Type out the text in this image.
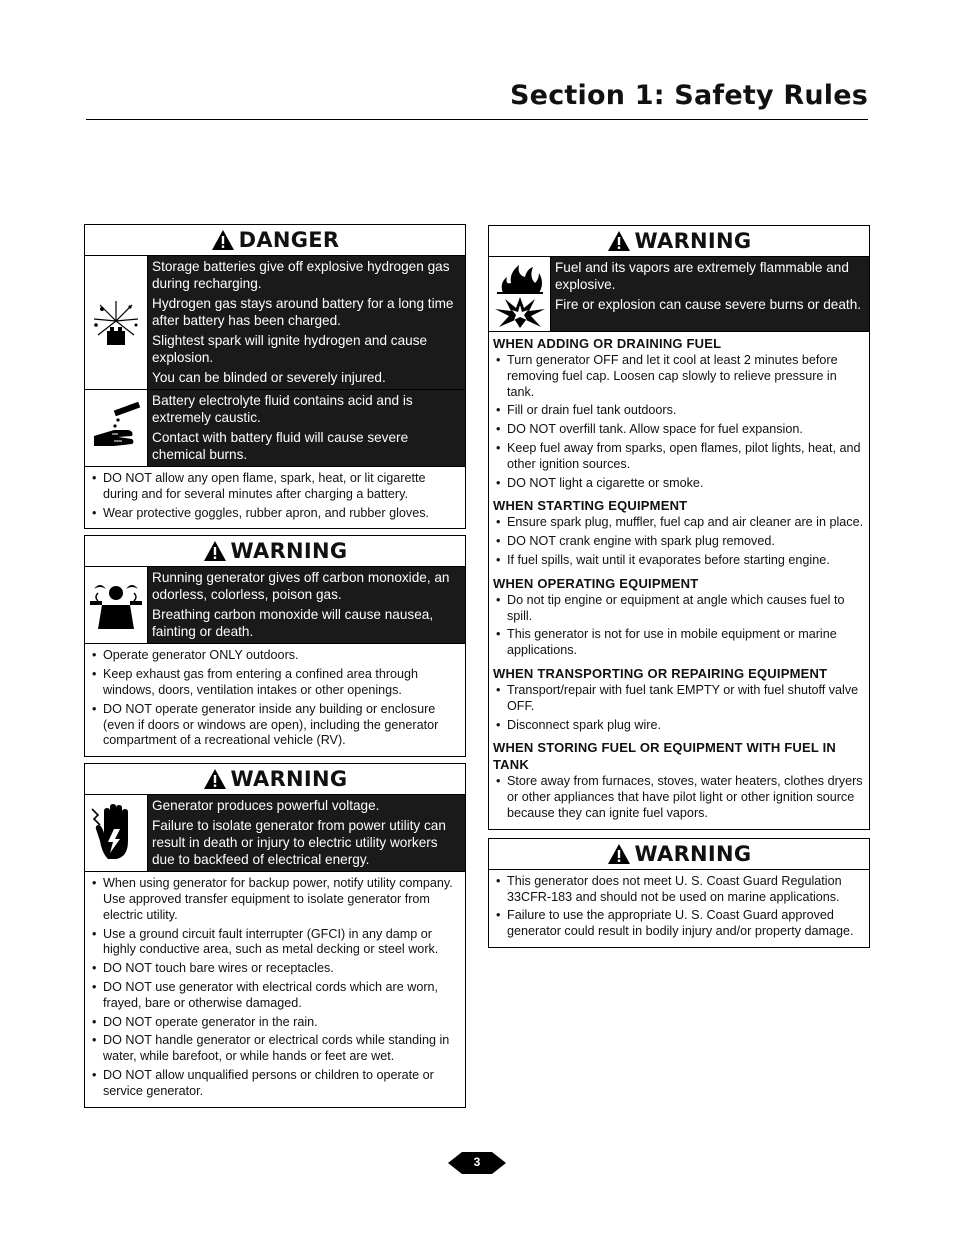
Section 1: Safety Rules
DANGER

Storage batteries give off explosive hydrogen gas during recharging.

Hydrogen gas stays around battery for a long time after battery has been charged.

Slightest spark will ignite hydrogen and cause explosion.

You can be blinded or severely injured.

Battery electrolyte fluid contains acid and is extremely caustic.

Contact with battery fluid will cause severe chemical burns.

• DO NOT allow any open flame, spark, heat, or lit cigarette during and for several minutes after charging a battery.
• Wear protective goggles, rubber apron, and rubber gloves.
WARNING

Running generator gives off carbon monoxide, an odorless, colorless, poison gas.

Breathing carbon monoxide will cause nausea, fainting or death.

• Operate generator ONLY outdoors.
• Keep exhaust gas from entering a confined area through windows, doors, ventilation intakes or other openings.
• DO NOT operate generator inside any building or enclosure (even if doors or windows are open), including the generator compartment of a recreational vehicle (RV).
WARNING

Generator produces powerful voltage.

Failure to isolate generator from power utility can result in death or injury to electric utility workers due to backfeed of electrical energy.

• When using generator for backup power, notify utility company. Use approved transfer equipment to isolate generator from electric utility.
• Use a ground circuit fault interrupter (GFCI) in any damp or highly conductive area, such as metal decking or steel work.
• DO NOT touch bare wires or receptacles.
• DO NOT use generator with electrical cords which are worn, frayed, bare or otherwise damaged.
• DO NOT operate generator in the rain.
• DO NOT handle generator or electrical cords while standing in water, while barefoot, or while hands or feet are wet.
• DO NOT allow unqualified persons or children to operate or service generator.
WARNING

Fuel and its vapors are extremely flammable and explosive.

Fire or explosion can cause severe burns or death.

WHEN ADDING OR DRAINING FUEL
• Turn generator OFF and let it cool at least 2 minutes before removing fuel cap. Loosen cap slowly to relieve pressure in tank.
• Fill or drain fuel tank outdoors.
• DO NOT overfill tank. Allow space for fuel expansion.
• Keep fuel away from sparks, open flames, pilot lights, heat, and other ignition sources.
• DO NOT light a cigarette or smoke.
WHEN STARTING EQUIPMENT
• Ensure spark plug, muffler, fuel cap and air cleaner are in place.
• DO NOT crank engine with spark plug removed.
• If fuel spills, wait until it evaporates before starting engine.
WHEN OPERATING EQUIPMENT
• Do not tip engine or equipment at angle which causes fuel to spill.
• This generator is not for use in mobile equipment or marine applications.
WHEN TRANSPORTING OR REPAIRING EQUIPMENT
• Transport/repair with fuel tank EMPTY or with fuel shutoff valve OFF.
• Disconnect spark plug wire.
WHEN STORING FUEL OR EQUIPMENT WITH FUEL IN TANK
• Store away from furnaces, stoves, water heaters, clothes dryers or other appliances that have pilot light or other ignition source because they can ignite fuel vapors.
WARNING
• This generator does not meet U. S. Coast Guard Regulation 33CFR-183 and should not be used on marine applications.
• Failure to use the appropriate U. S. Coast Guard approved generator could result in bodily injury and/or property damage.
3
